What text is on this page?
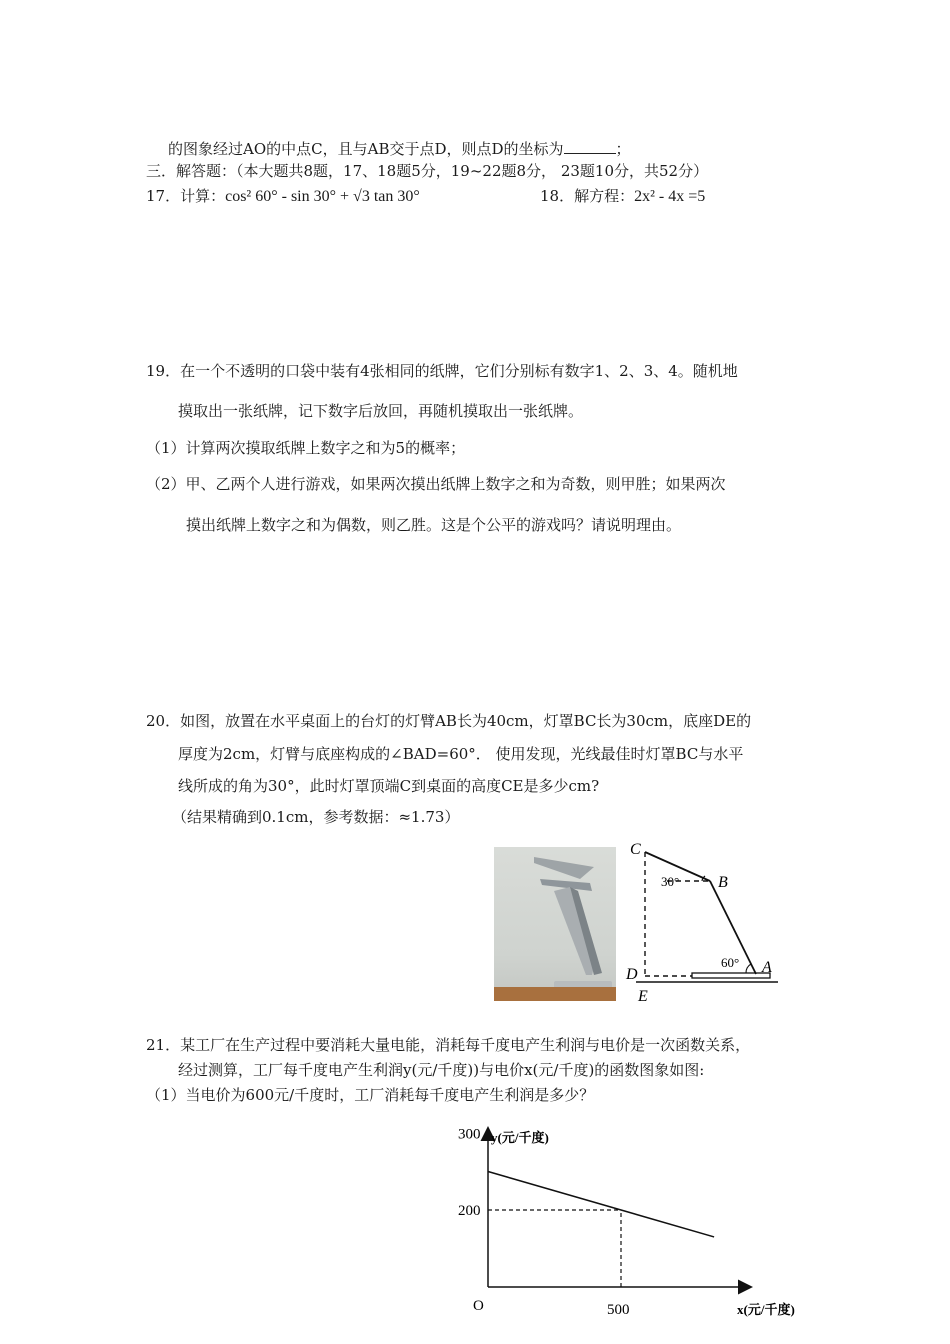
的图象经过AO的中点C，且与AB交于点D，则点D的坐标为	；
三．解答题：（本大题共8题，17、18题5分，19~22题8分， 23题10分，共52分）
17．计算：cos² 60° - sin 30° + √3 tan 30°	18．解方程：2x² - 4x =5
19．在一个不透明的口袋中装有4张相同的纸牌，它们分别标有数字1、2、3、4。随机地
摸取出一张纸牌，记下数字后放回，再随机摸取出一张纸牌。
（1）计算两次摸取纸牌上数字之和为5的概率；
（2）甲、乙两个人进行游戏，如果两次摸出纸牌上数字之和为奇数，则甲胜；如果两次
摸出纸牌上数字之和为偶数，则乙胜。这是个公平的游戏吗？请说明理由。
20．如图，放置在水平桌面上的台灯的灯臂AB长为40cm，灯罩BC长为30cm，底座DE的
厚度为2cm，灯臂与底座构成的∠BAD=60°． 使用发现，光线最佳时灯罩BC与水平
线所成的角为30°，此时灯罩顶端C到桌面的高度CE是多少cm?
（结果精确到0.1cm，参考数据：≈1.73）
C
B
A
D
E
30°
60°
21．某工厂在生产过程中要消耗大量电能，消耗每千度电产生利润与电价是一次函数关系，
经过测算，工厂每千度电产生利润y(元/千度))与电价x(元/千度)的函数图象如图:
（1）当电价为600元/千度时，工厂消耗每千度电产生利润是多少？
y(元/千度)
x(元/千度)
O
300
200
500
